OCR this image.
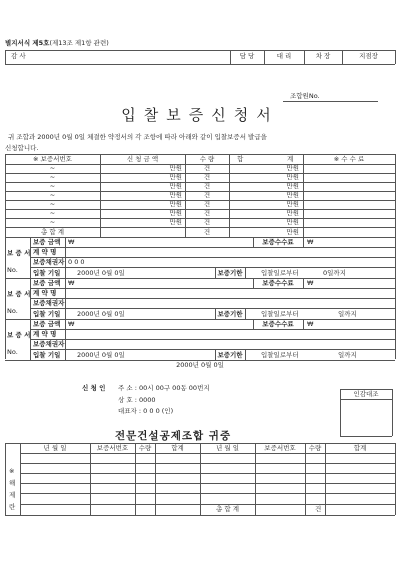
별지서식 제5호(제13조 제1항 관련)
감 사	담 당	대 리	차 장	지점장
조합원No.
입찰보증신청서
귀 조합과 2000년 0월 0일 체결한 약정서의 각 조항에 따라 아래와 같이 입찰보증서 발급을
신청합니다.
※ 보증서번호	신 청 금 액	수 량	합	계	※ 수 수 료
~	만원	건	만원
~	만원	건	만원
~	만원	건	만원
~	만원	건	만원
~	만원	건	만원
~	만원	건	만원
~	만원	건	만원
총 합 계	건	만원
보 증 서
No.
보증 금액 ₩	보증수수료	₩
계 약 명
보증채권자 0 0 0
입찰 기일	2000년 0월 0일	보증기한	입찰일로부터	0일까지
보 증 서
No.
보증 금액 ₩	보증수수료	₩
계 약 명
보증채권자
입찰 기일	2000년 0월 0일	보증기한	입찰일로부터	일까지
보 증 서
No.
보증 금액 ₩	보증수수료	₩
계 약 명
보증채권자
입찰 기일	2000년 0월 0일	보증기한	입찰일로부터	일까지
2000년 0월 0일
신 청 인 주 소 : 00시 00구 00동 00번지
상 호 : 0000
대표자 : 0 0 0 (인)
인감대조
전문건설공제조합 귀중
※ 해 제 란
년 월 일	보증서번호	수량	합계	년 월 일	보증서번호	수량	합계
총 합 계	건
